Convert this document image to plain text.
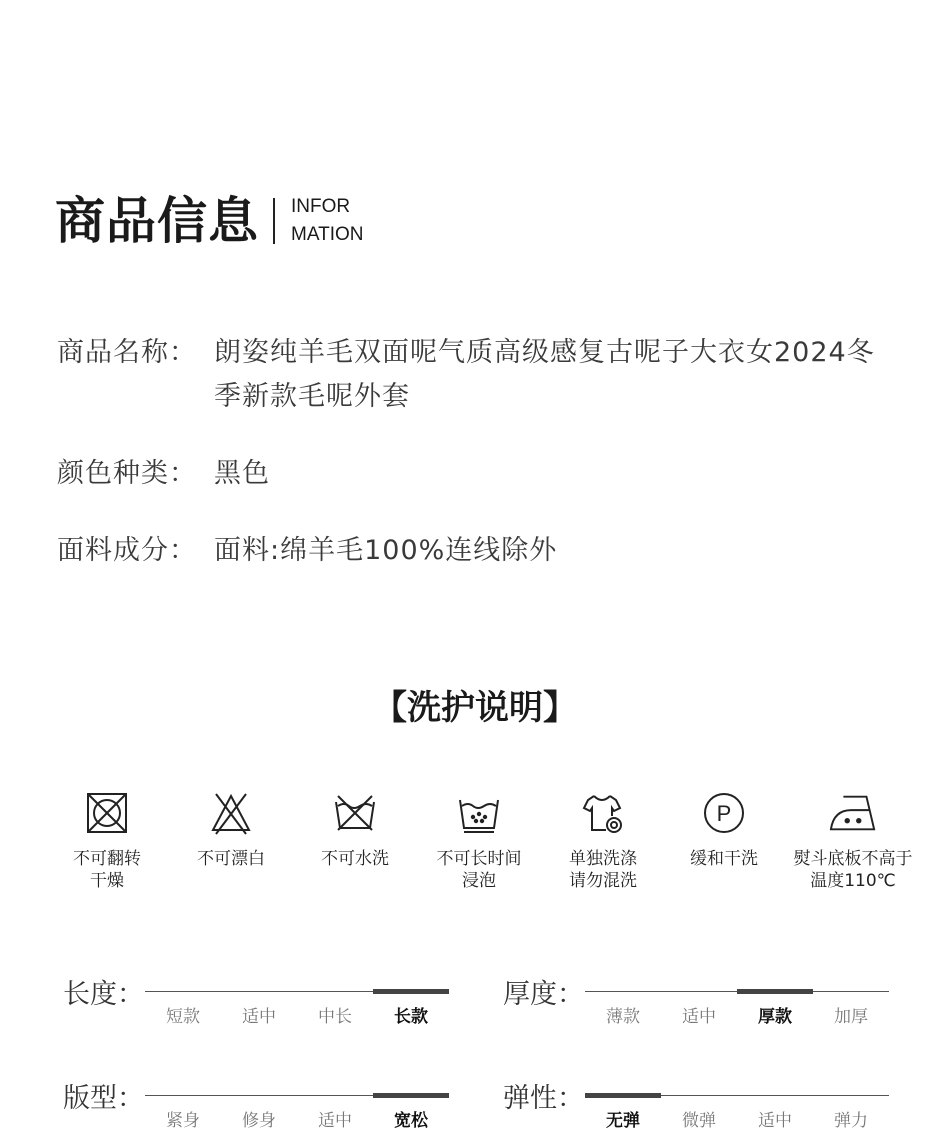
商品信息 INFOR
MATION
商品名称： 朗姿纯羊毛双面呢气质高级感复古呢子大衣女2024冬季新款毛呢外套
颜色种类： 黑色
面料成分： 面料:绵羊毛100%连线除外
【洗护说明】
不可翻转
干燥
不可漂白	不可水洗	不可长时间
浸泡
单独洗涤
请勿混洗
P
缓和干洗	熨斗底板不高于
温度110℃
长度：
短款	适中	中长	长款
厚度：
薄款	适中	厚款	加厚
版型：
紧身	修身	适中	宽松
弹性：
无弹	微弹	适中	弹力
